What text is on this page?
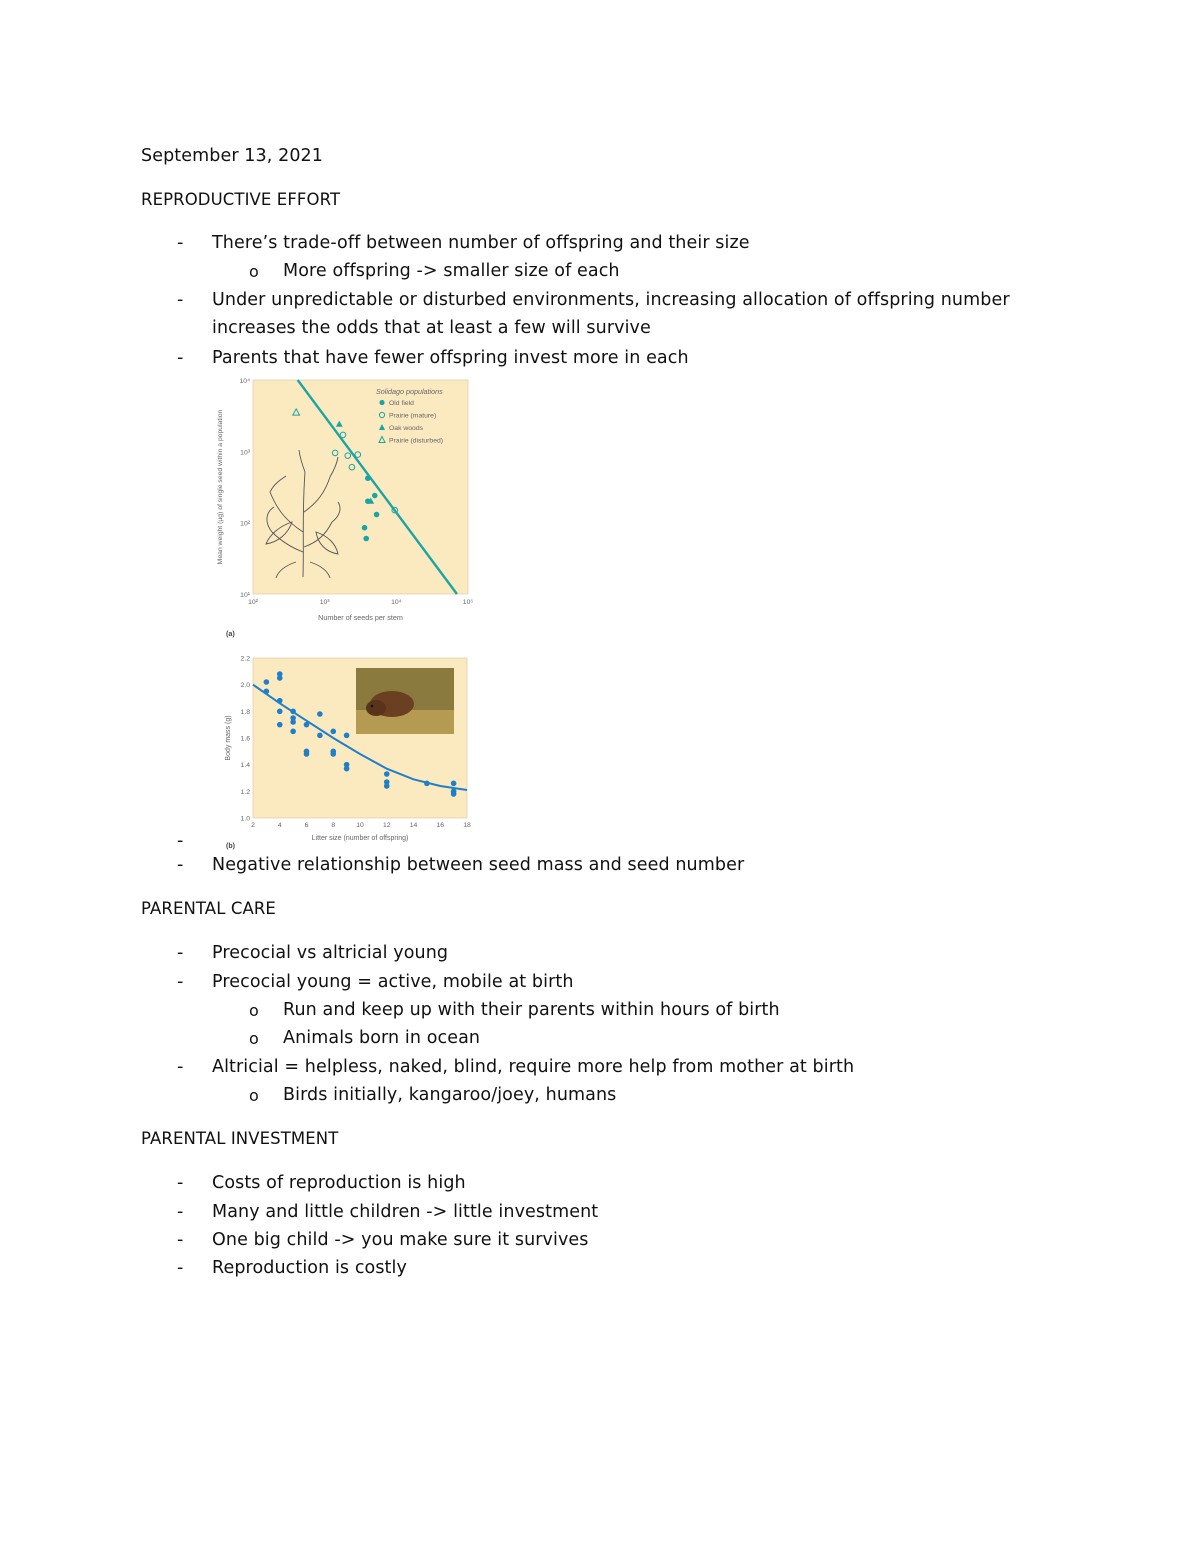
September 13, 2021
REPRODUCTIVE EFFORT
- There’s trade-off between number of offspring and their size
o More offspring -> smaller size of each
- Under unpredictable or disturbed environments, increasing allocation of offspring number
increases the odds that at least a few will survive
- Parents that have fewer offspring invest more in each
Solidago populations
Old field
Prairie (mature)
Oak woods
Prairie (disturbed)
10²	10³	10⁴	10⁵
10¹
10²
10³
10⁴
Number of seeds per stem
Mean weight (µg) of single seed within a population
(a)
2	4	6	8	10	12	14	16	18
1.0
1.2
1.4
1.6
1.8
2.0
2.2
Litter size (number of offspring)
Body mass (g)
(b)
-
- Negative relationship between seed mass and seed number
PARENTAL CARE
- Precocial vs altricial young
- Precocial young = active, mobile at birth
o Run and keep up with their parents within hours of birth
o Animals born in ocean
- Altricial = helpless, naked, blind, require more help from mother at birth
o Birds initially, kangaroo/joey, humans
PARENTAL INVESTMENT
- Costs of reproduction is high
- Many and little children -> little investment
- One big child -> you make sure it survives
- Reproduction is costly
